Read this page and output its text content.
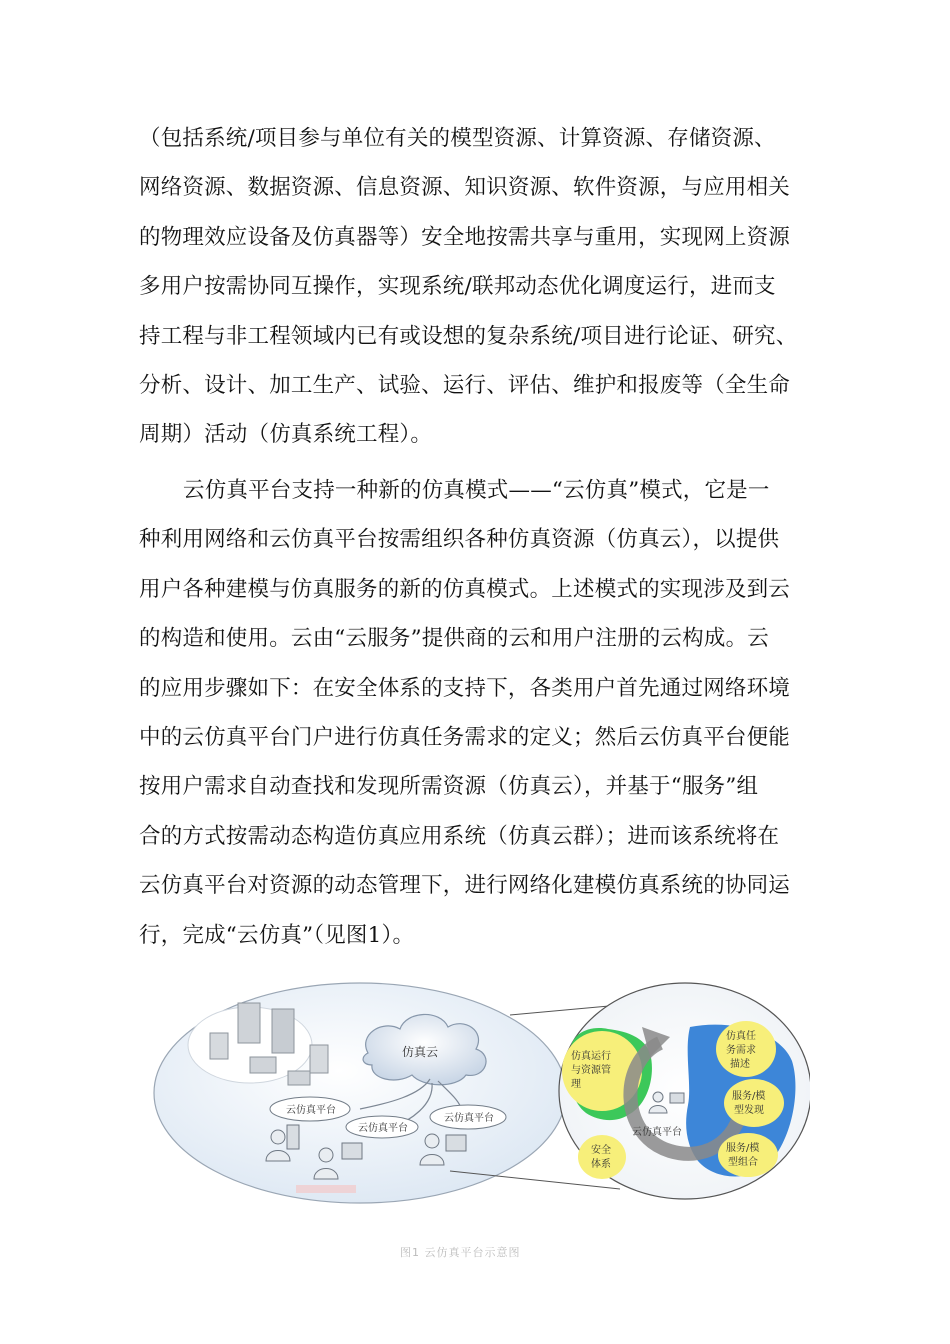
（包括系统/项目参与单位有关的模型资源、计算资源、存储资源、
网络资源、数据资源、信息资源、知识资源、软件资源，与应用相关
的物理效应设备及仿真器等）安全地按需共享与重用，实现网上资源
多用户按需协同互操作，实现系统/联邦动态优化调度运行，进而支
持工程与非工程领域内已有或设想的复杂系统/项目进行论证、研究、
分析、设计、加工生产、试验、运行、评估、维护和报废等（全生命
周期）活动（仿真系统工程）。

云仿真平台支持一种新的仿真模式——“云仿真”模式，它是一
种利用网络和云仿真平台按需组织各种仿真资源（仿真云），以提供
用户各种建模与仿真服务的新的仿真模式。上述模式的实现涉及到云
的构造和使用。云由“云服务”提供商的云和用户注册的云构成。云
的应用步骤如下：在安全体系的支持下，各类用户首先通过网络环境
中的云仿真平台门户进行仿真任务需求的定义；然后云仿真平台便能
按用户需求自动查找和发现所需资源（仿真云），并基于“服务”组
合的方式按需动态构造仿真应用系统（仿真云群）；进而该系统将在
云仿真平台对资源的动态管理下，进行网络化建模仿真系统的协同运
行，完成“云仿真”（见图1）。

仿真云
云仿真平台
云仿真平台
云仿真平台
仿真运行
与资源管
理
安全
体系
云仿真平台
仿真任
务需求
描述
服务/模
型发现
服务/模
型组合
图1 云仿真平台示意图
